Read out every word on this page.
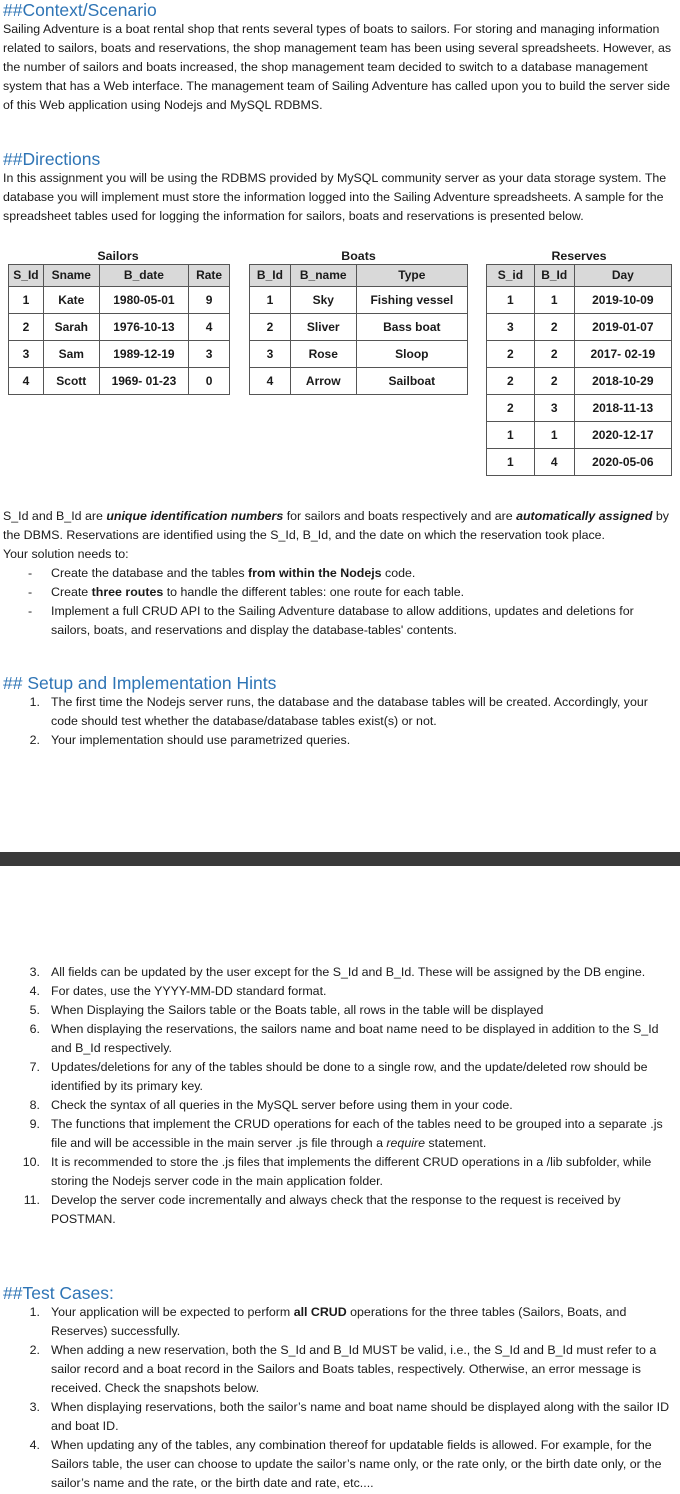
##Context/Scenario

Sailing Adventure is a boat rental shop that rents several types of boats to sailors. For storing and managing information related to sailors, boats and reservations, the shop management team has been using several spreadsheets. However, as the number of sailors and boats increased, the shop management team decided to switch to a database management system that has a Web interface. The management team of Sailing Adventure has called upon you to build the server side of this Web application using Nodejs and MySQL RDBMS.

##Directions

In this assignment you will be using the RDBMS provided by MySQL community server as your data storage system. The database you will implement must store the information logged into the Sailing Adventure spreadsheets. A sample for the spreadsheet tables used for logging the information for sailors, boats and reservations is presented below.

Sailors
S_Id	Sname	B_date	Rate
1	Kate	1980-05-01	9
2	Sarah	1976-10-13	4
3	Sam	1989-12-19	3
4	Scott	1969- 01-23	0
Boats
B_Id	B_name	Type
1	Sky	Fishing vessel
2	Sliver	Bass boat
3	Rose	Sloop
4	Arrow	Sailboat
Reserves
S_id	B_Id	Day
1	1	2019-10-09
3	2	2019-01-07
2	2	2017- 02-19
2	2	2018-10-29
2	3	2018-11-13
1	1	2020-12-17
1	4	2020-05-06

S_Id and B_Id are unique identification numbers for sailors and boats respectively and are automatically assigned by the DBMS. Reservations are identified using the S_Id, B_Id, and the date on which the reservation took place.

Your solution needs to:

- Create the database and the tables from within the Nodejs code.
- Create three routes to handle the different tables: one route for each table.
- Implement a full CRUD API to the Sailing Adventure database to allow additions, updates and deletions for sailors, boats, and reservations and display the database-tables' contents.
## Setup and Implementation Hints
1. The first time the Nodejs server runs, the database and the database tables will be created. Accordingly, your code should test whether the database/database tables exist(s) or not.
2. Your implementation should use parametrized queries.
3. All fields can be updated by the user except for the S_Id and B_Id. These will be assigned by the DB engine.
4. For dates, use the YYYY-MM-DD standard format.
5. When Displaying the Sailors table or the Boats table, all rows in the table will be displayed
6. When displaying the reservations, the sailors name and boat name need to be displayed in addition to the S_Id and B_Id respectively.
7. Updates/deletions for any of the tables should be done to a single row, and the update/deleted row should be identified by its primary key.
8. Check the syntax of all queries in the MySQL server before using them in your code.
9. The functions that implement the CRUD operations for each of the tables need to be grouped into a separate .js file and will be accessible in the main server .js file through a require statement.
10. It is recommended to store the .js files that implements the different CRUD operations in a /lib subfolder, while storing the Nodejs server code in the main application folder.
11. Develop the server code incrementally and always check that the response to the request is received by POSTMAN.
##Test Cases:
1. Your application will be expected to perform all CRUD operations for the three tables (Sailors, Boats, and Reserves) successfully.
2. When adding a new reservation, both the S_Id and B_Id MUST be valid, i.e., the S_Id and B_Id must refer to a sailor record and a boat record in the Sailors and Boats tables, respectively. Otherwise, an error message is received. Check the snapshots below.
3. When displaying reservations, both the sailor’s name and boat name should be displayed along with the sailor ID and boat ID.
4. When updating any of the tables, any combination thereof for updatable fields is allowed. For example, for the Sailors table, the user can choose to update the sailor’s name only, or the rate only, or the birth date only, or the sailor’s name and the rate, or the birth date and rate, etc....
